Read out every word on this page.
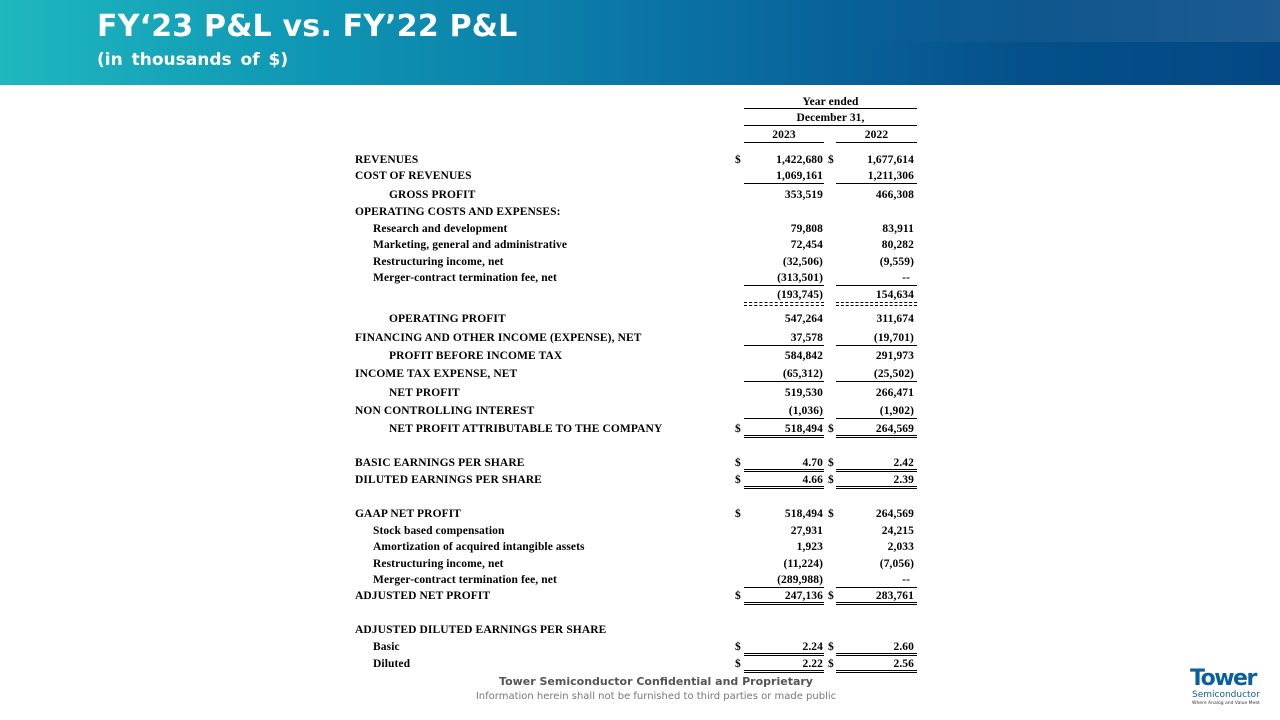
FY‘23 P&L vs. FY’22 P&L
(in thousands of $)
Year ended
December 31,
2023	2022
REVENUES	$	1,422,680 $	1,677,614
COST OF REVENUES	1,069,161	1,211,306
GROSS PROFIT	353,519	466,308
OPERATING COSTS AND EXPENSES:
Research and development	79,808	83,911
Marketing, general and administrative	72,454	80,282
Restructuring income, net	(32,506)	(9,559)
Merger-contract termination fee, net	(313,501)	--
(193,745)	154,634
OPERATING PROFIT	547,264	311,674
FINANCING AND OTHER INCOME (EXPENSE), NET	37,578	(19,701)
PROFIT BEFORE INCOME TAX	584,842	291,973
INCOME TAX EXPENSE, NET	(65,312)	(25,502)
NET PROFIT	519,530	266,471
NON CONTROLLING INTEREST	(1,036)	(1,902)
NET PROFIT ATTRIBUTABLE TO THE COMPANY	$	518,494 $	264,569
BASIC EARNINGS PER SHARE	$	4.70 $	2.42
DILUTED EARNINGS PER SHARE	$	4.66 $	2.39
GAAP NET PROFIT	$	518,494 $	264,569
Stock based compensation	27,931	24,215
Amortization of acquired intangible assets	1,923	2,033
Restructuring income, net	(11,224)	(7,056)
Merger-contract termination fee, net	(289,988)	--
ADJUSTED NET PROFIT	$	247,136 $	283,761
ADJUSTED DILUTED EARNINGS PER SHARE
Basic	$	2.24 $	2.60
Diluted	$	2.22 $	2.56
Tower Semiconductor Confidential and Proprietary
Information herein shall not be furnished to third parties or made public
Tower
Semiconductor
Where Analog and Value Meet
